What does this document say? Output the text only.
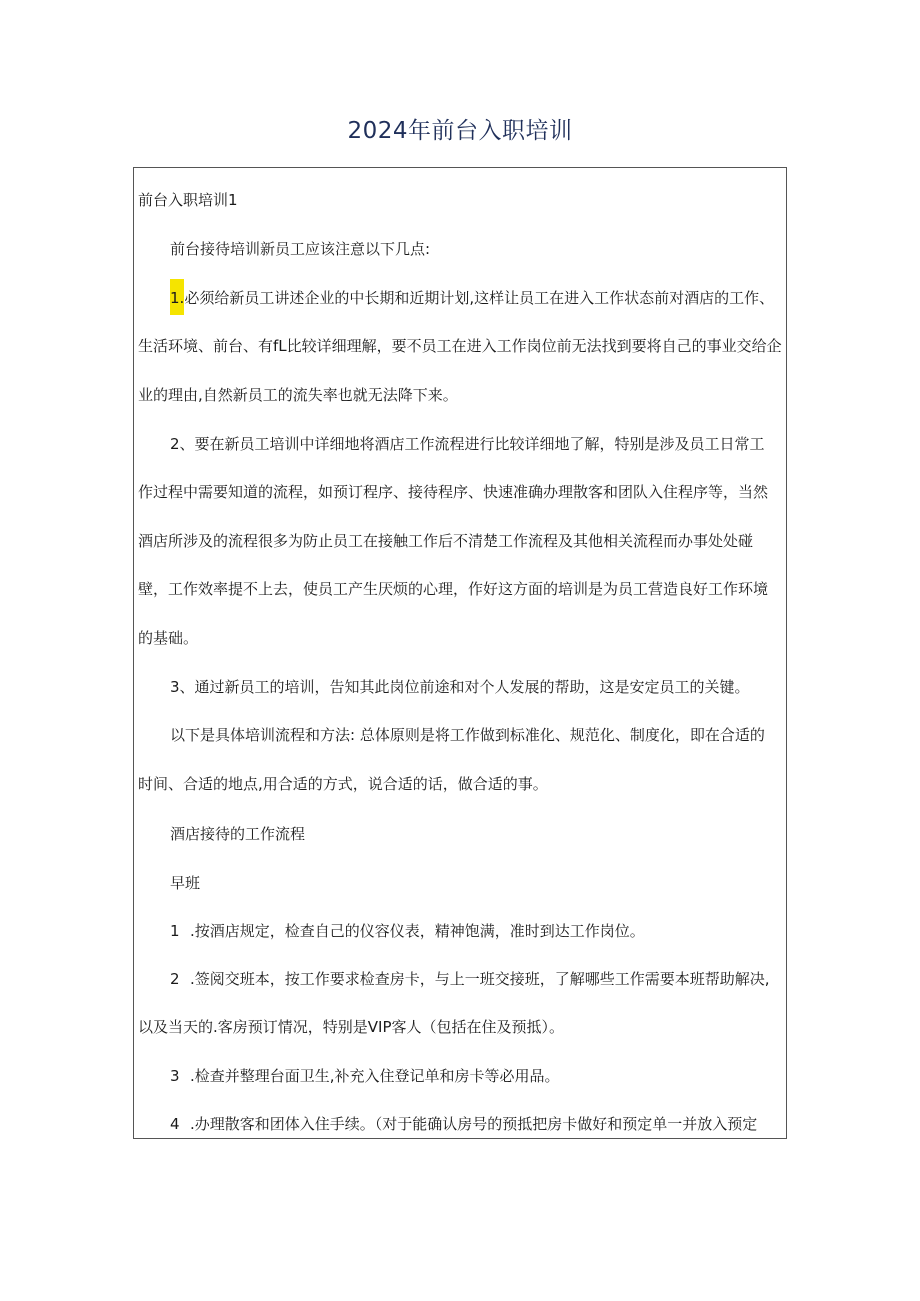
2024年前台入职培训
前台入职培训1
前台接待培训新员工应该注意以下几点:
1.必须给新员工讲述企业的中长期和近期计划,这样让员工在进入工作状态前对酒店的工作、
生活环境、前台、有fL比较详细理解，要不员工在进入工作岗位前无法找到要将自己的事业交给企
业的理由,自然新员工的流失率也就无法降下来。
2、要在新员工培训中详细地将酒店工作流程进行比较详细地了解，特别是涉及员工日常工
作过程中需要知道的流程，如预订程序、接待程序、快速准确办理散客和团队入住程序等，当然
酒店所涉及的流程很多为防止员工在接触工作后不清楚工作流程及其他相关流程而办事处处碰
壁，工作效率提不上去，使员工产生厌烦的心理，作好这方面的培训是为员工营造良好工作环境
的基础。
3、通过新员工的培训，告知其此岗位前途和对个人发展的帮助，这是安定员工的关键。
以下是具体培训流程和方法: 总体原则是将工作做到标准化、规范化、制度化，即在合适的
时间、合适的地点,用合适的方式，说合适的话，做合适的事。
酒店接待的工作流程
早班
1 .按酒店规定，检查自己的仪容仪表，精神饱满，准时到达工作岗位。
2 .签阅交班本，按工作要求检查房卡，与上一班交接班，了解哪些工作需要本班帮助解决,
以及当天的.客房预订情况，特别是VIP客人（包括在住及预抵）。
3 .检查并整理台面卫生,补充入住登记单和房卡等必用品。
4 .办理散客和团体入住手续。（对于能确认房号的预抵把房卡做好和预定单一并放入预定
